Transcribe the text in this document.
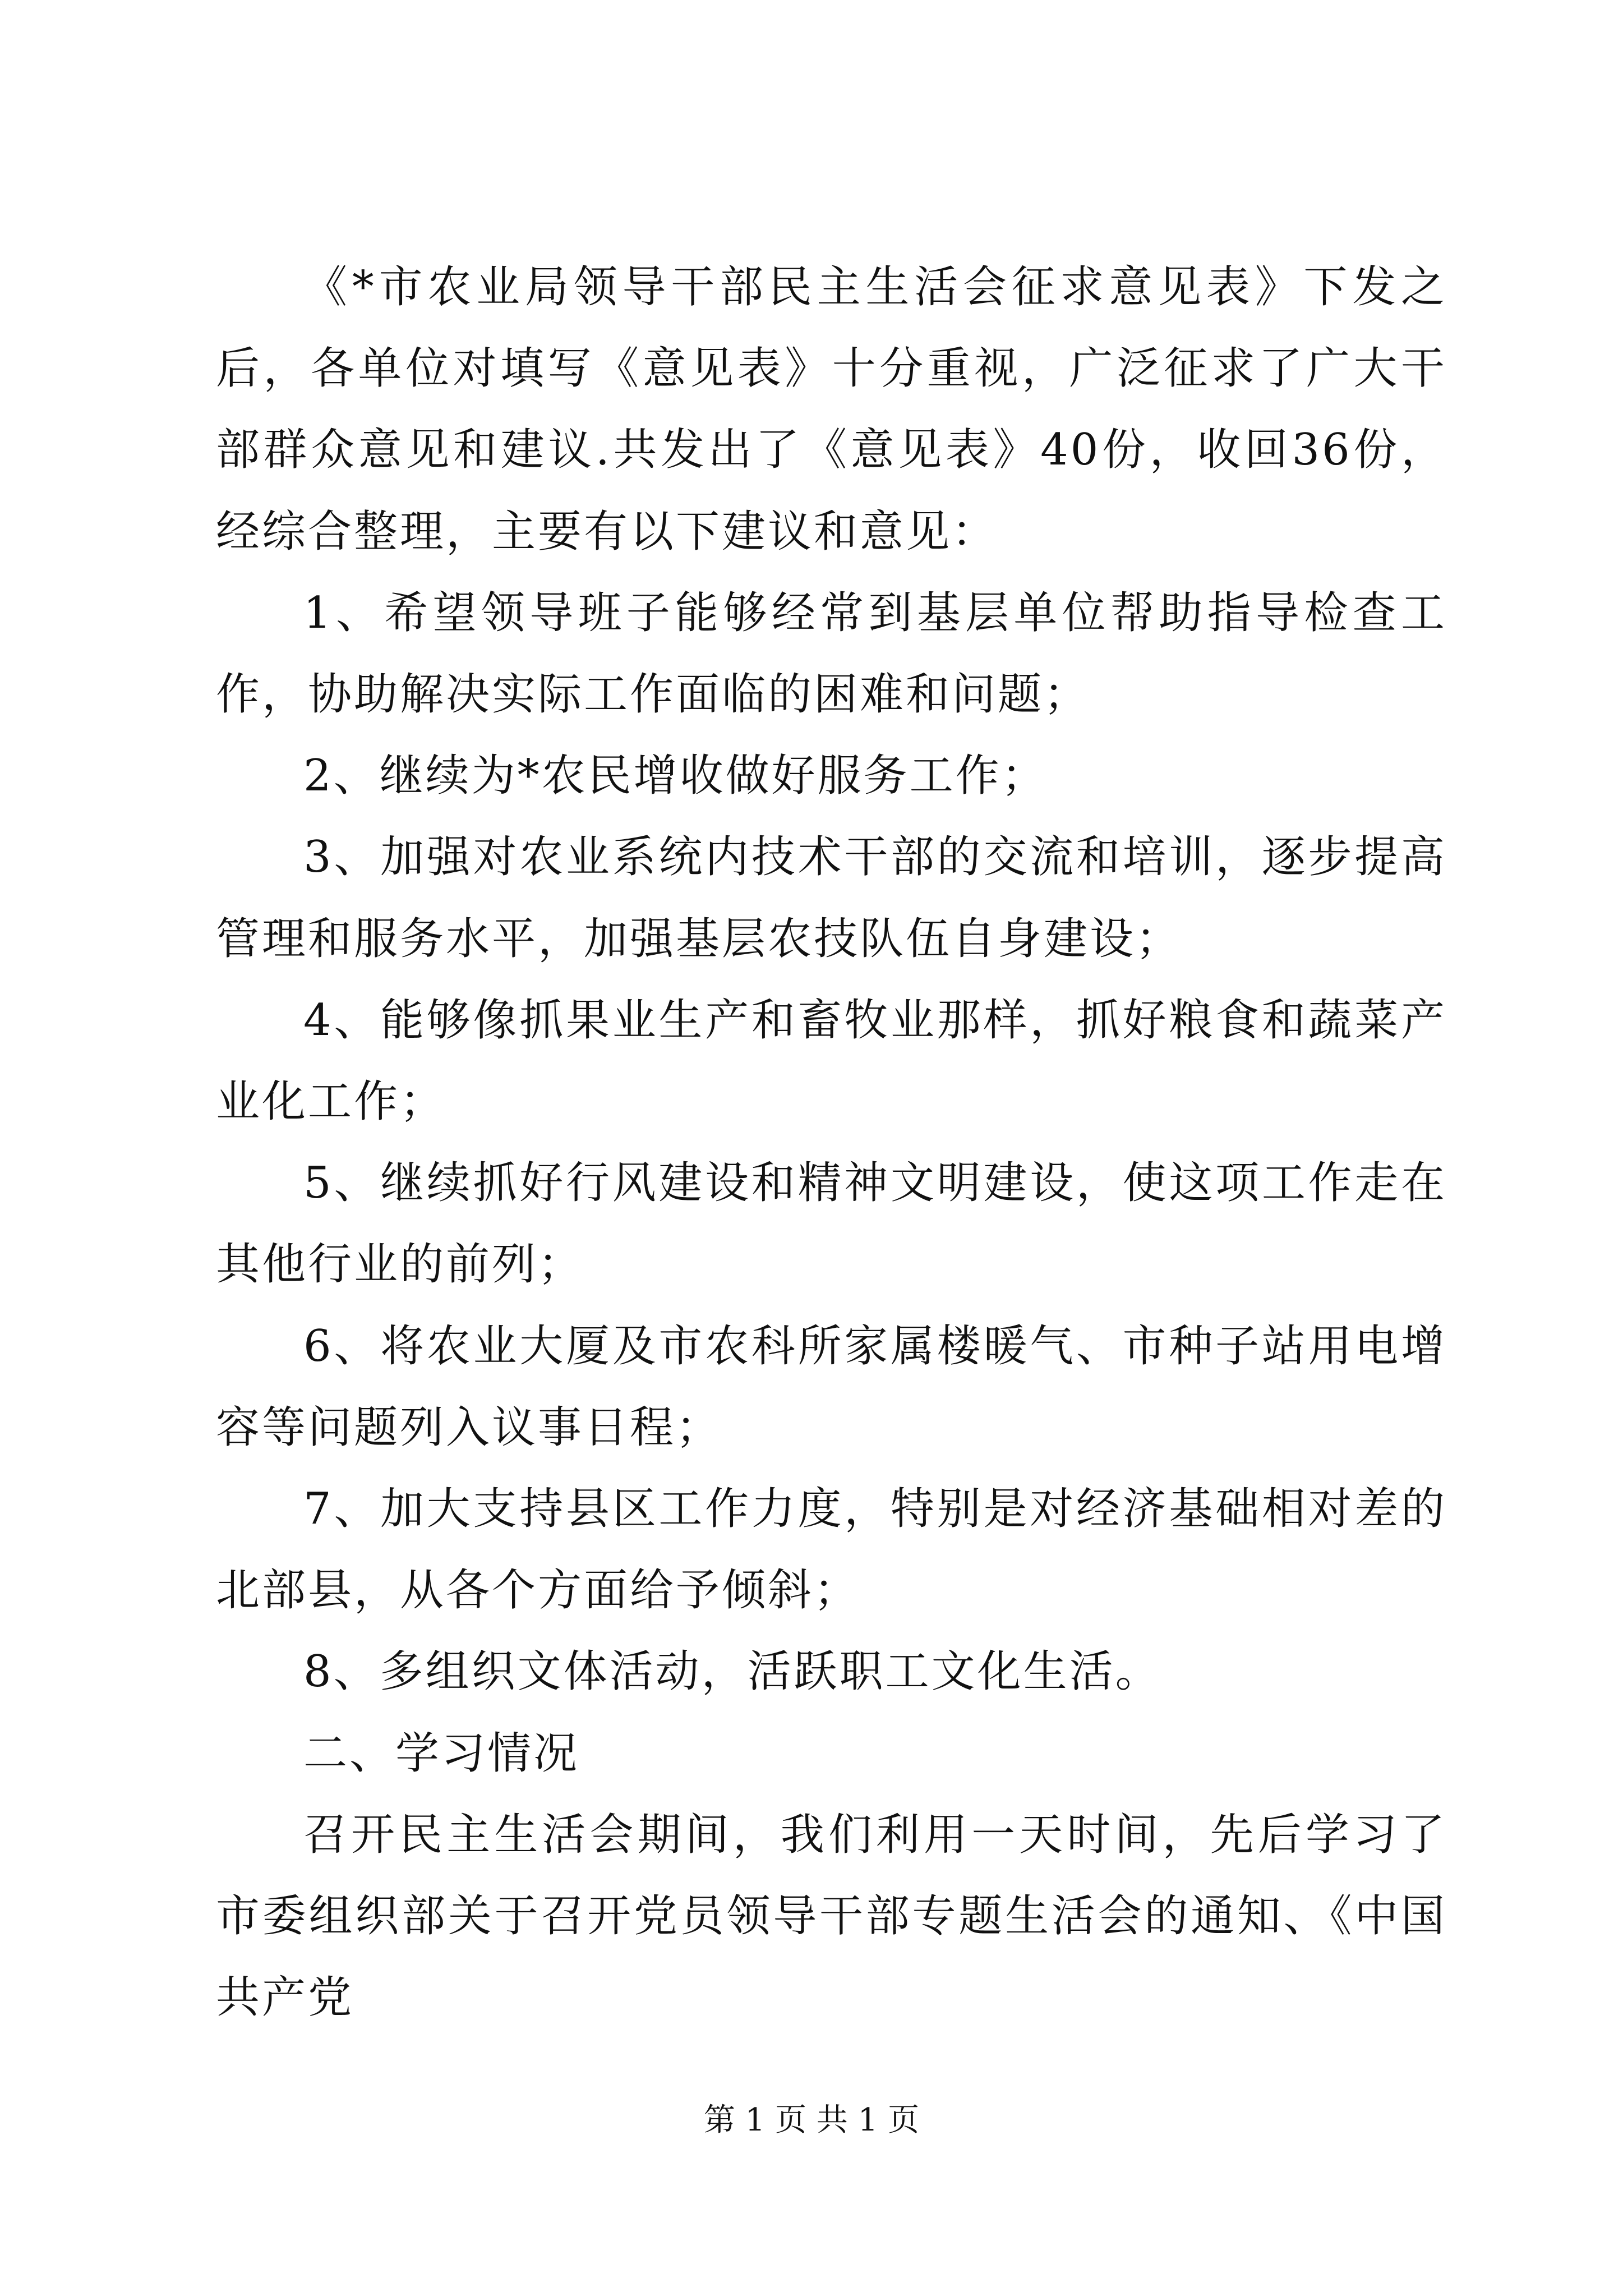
《*市农业局领导干部民主生活会征求意见表》下发之后，各单位对填写《意见表》十分重视，广泛征求了广大干部群众意见和建议.共发出了《意见表》40份，收回36份，经综合整理，主要有以下建议和意见：

1、希望领导班子能够经常到基层单位帮助指导检查工作，协助解决实际工作面临的困难和问题；

2、继续为*农民增收做好服务工作；

3、加强对农业系统内技术干部的交流和培训，逐步提高管理和服务水平，加强基层农技队伍自身建设；

4、能够像抓果业生产和畜牧业那样，抓好粮食和蔬菜产业化工作；

5、继续抓好行风建设和精神文明建设，使这项工作走在其他行业的前列；

6、将农业大厦及市农科所家属楼暖气、市种子站用电增容等问题列入议事日程；

7、加大支持县区工作力度，特别是对经济基础相对差的北部县，从各个方面给予倾斜；

8、多组织文体活动，活跃职工文化生活。

二、学习情况

召开民主生活会期间，我们利用一天时间，先后学习了市委组织部关于召开党员领导干部专题生活会的通知、《中国共产党

第 1 页 共 1 页
